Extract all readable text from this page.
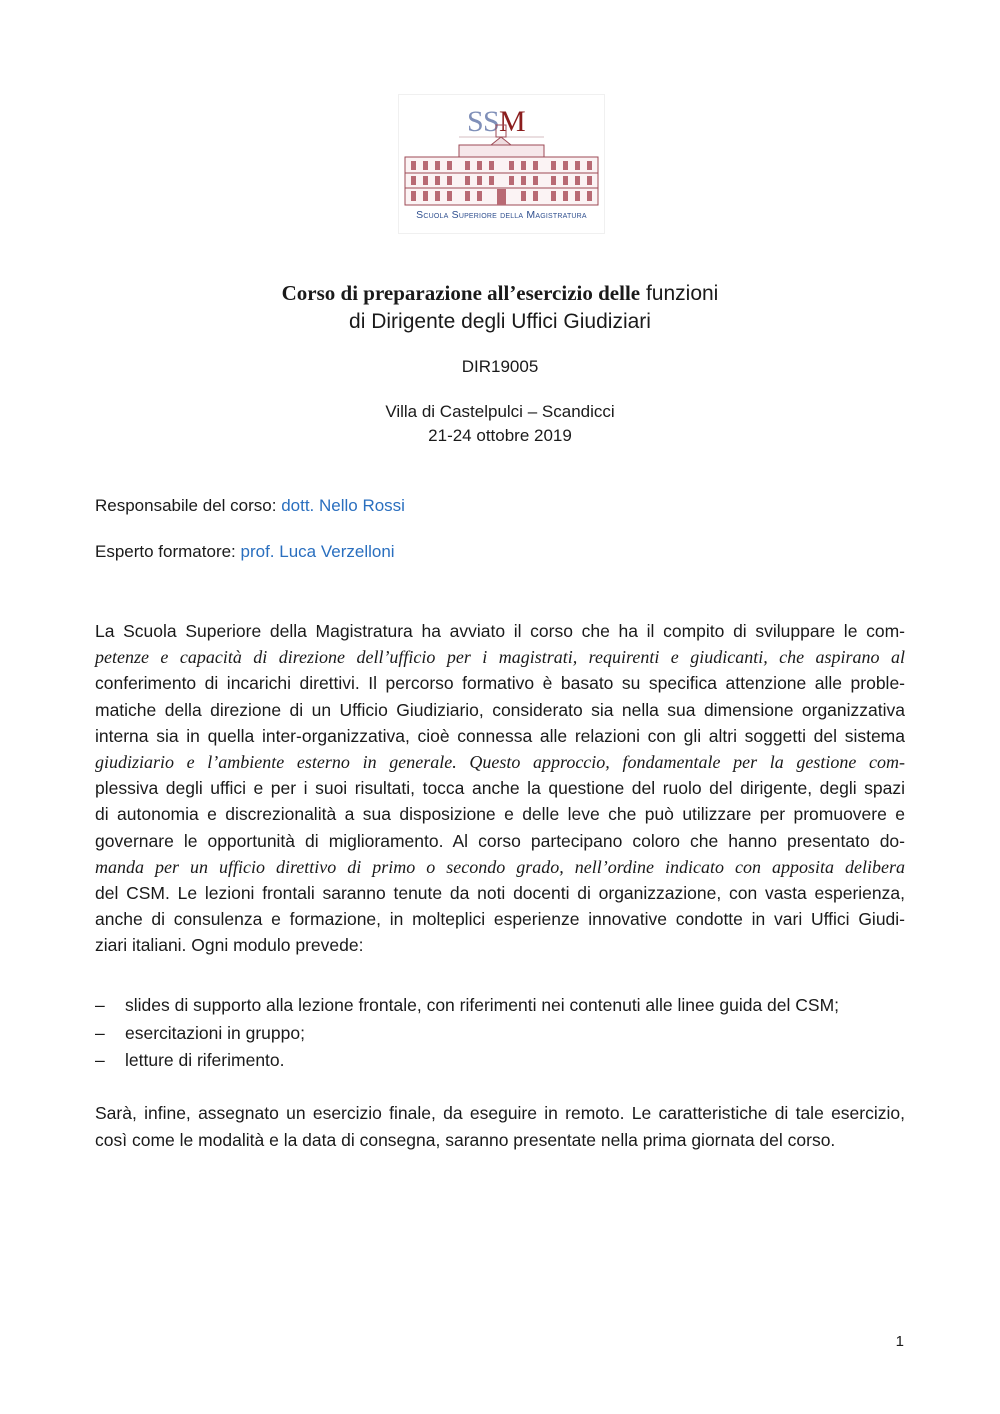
S S M
Scuola Superiore della Magistratura
Corso di preparazione all’esercizio delle funzioni
di Dirigente degli Uffici Giudiziari
DIR19005
Villa di Castelpulci – Scandicci
21-24 ottobre 2019
Responsabile del corso: dott. Nello Rossi
Esperto formatore: prof. Luca Verzelloni
La Scuola Superiore della Magistratura ha avviato il corso che ha il compito di sviluppare le com-
petenze e capacità di direzione dell’ufficio per i magistrati, requirenti e giudicanti, che aspirano al
conferimento di incarichi direttivi. Il percorso formativo è basato su specifica attenzione alle proble-
matiche della direzione di un Ufficio Giudiziario, considerato sia nella sua dimensione organizzativa
interna sia in quella inter-organizzativa, cioè connessa alle relazioni con gli altri soggetti del sistema
giudiziario e l’ambiente esterno in generale. Questo approccio, fondamentale per la gestione com-
plessiva degli uffici e per i suoi risultati, tocca anche la questione del ruolo del dirigente, degli spazi
di autonomia e discrezionalità a sua disposizione e delle leve che può utilizzare per promuovere e
governare le opportunità di miglioramento. Al corso partecipano coloro che hanno presentato do-
manda per un ufficio direttivo di primo o secondo grado, nell’ordine indicato con apposita delibera
del CSM. Le lezioni frontali saranno tenute da noti docenti di organizzazione, con vasta esperienza,
anche di consulenza e formazione, in molteplici esperienze innovative condotte in vari Uffici Giudi-
ziari italiani. Ogni modulo prevede:
– slides di supporto alla lezione frontale, con riferimenti nei contenuti alle linee guida del CSM;
– esercitazioni in gruppo;
– letture di riferimento.
Sarà, infine, assegnato un esercizio finale, da eseguire in remoto. Le caratteristiche di tale esercizio,
così come le modalità e la data di consegna, saranno presentate nella prima giornata del corso.
1
